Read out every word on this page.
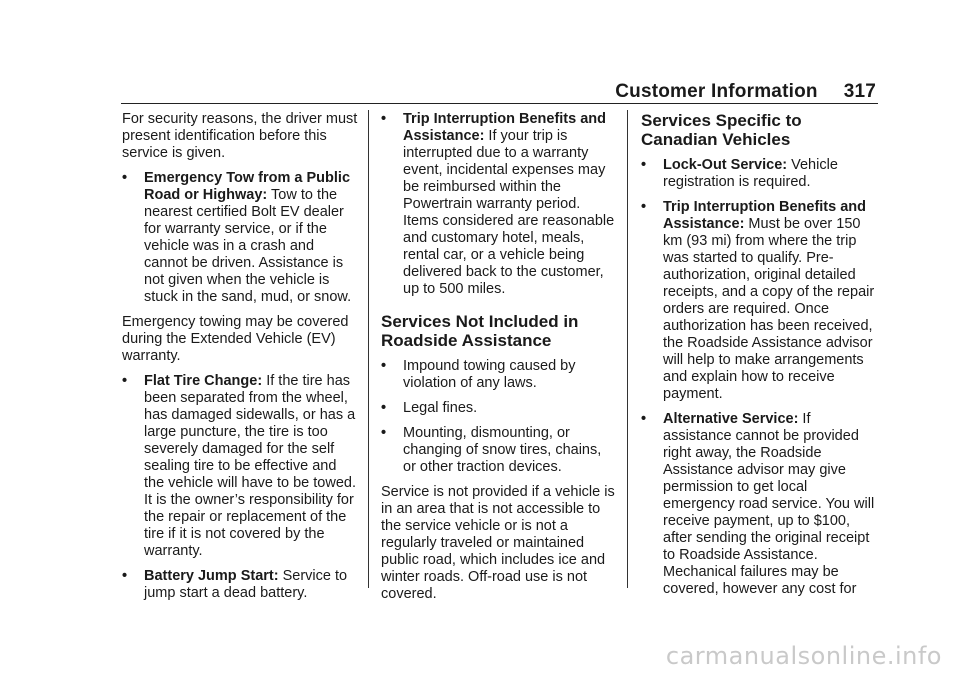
Customer Information 317

For security reasons, the driver must present identification before this service is given.

•	Emergency Tow from a Public Road or Highway: Tow to the nearest certified Bolt EV dealer for warranty service, or if the vehicle was in a crash and cannot be driven. Assistance is not given when the vehicle is stuck in the sand, mud, or snow.

Emergency towing may be covered during the Extended Vehicle (EV) warranty.

•	Flat Tire Change: If the tire has been separated from the wheel, has damaged sidewalls, or has a large puncture, the tire is too severely damaged for the self sealing tire to be effective and the vehicle will have to be towed. It is the owner’s responsibility for the repair or replacement of the tire if it is not covered by the warranty.
•	Battery Jump Start: Service to jump start a dead battery.
•	Trip Interruption Benefits and Assistance: If your trip is interrupted due to a warranty event, incidental expenses may be reimbursed within the Powertrain warranty period. Items considered are reasonable and customary hotel, meals, rental car, or a vehicle being delivered back to the customer, up to 500 miles.
Services Not Included in Roadside Assistance
•	Impound towing caused by violation of any laws.
•	Legal fines.
•	Mounting, dismounting, or changing of snow tires, chains, or other traction devices.

Service is not provided if a vehicle is in an area that is not accessible to the service vehicle or is not a regularly traveled or maintained public road, which includes ice and winter roads. Off-road use is not covered.

Services Specific to Canadian Vehicles
•	Lock-Out Service: Vehicle registration is required.
•	Trip Interruption Benefits and Assistance: Must be over 150 km (93 mi) from where the trip was started to qualify. Pre-authorization, original detailed receipts, and a copy of the repair orders are required. Once authorization has been received, the Roadside Assistance advisor will help to make arrangements and explain how to receive payment.
•	Alternative Service: If assistance cannot be provided right away, the Roadside Assistance advisor may give permission to get local emergency road service. You will receive payment, up to $100, after sending the original receipt to Roadside Assistance. Mechanical failures may be covered, however any cost for
carmanualsonline.info
